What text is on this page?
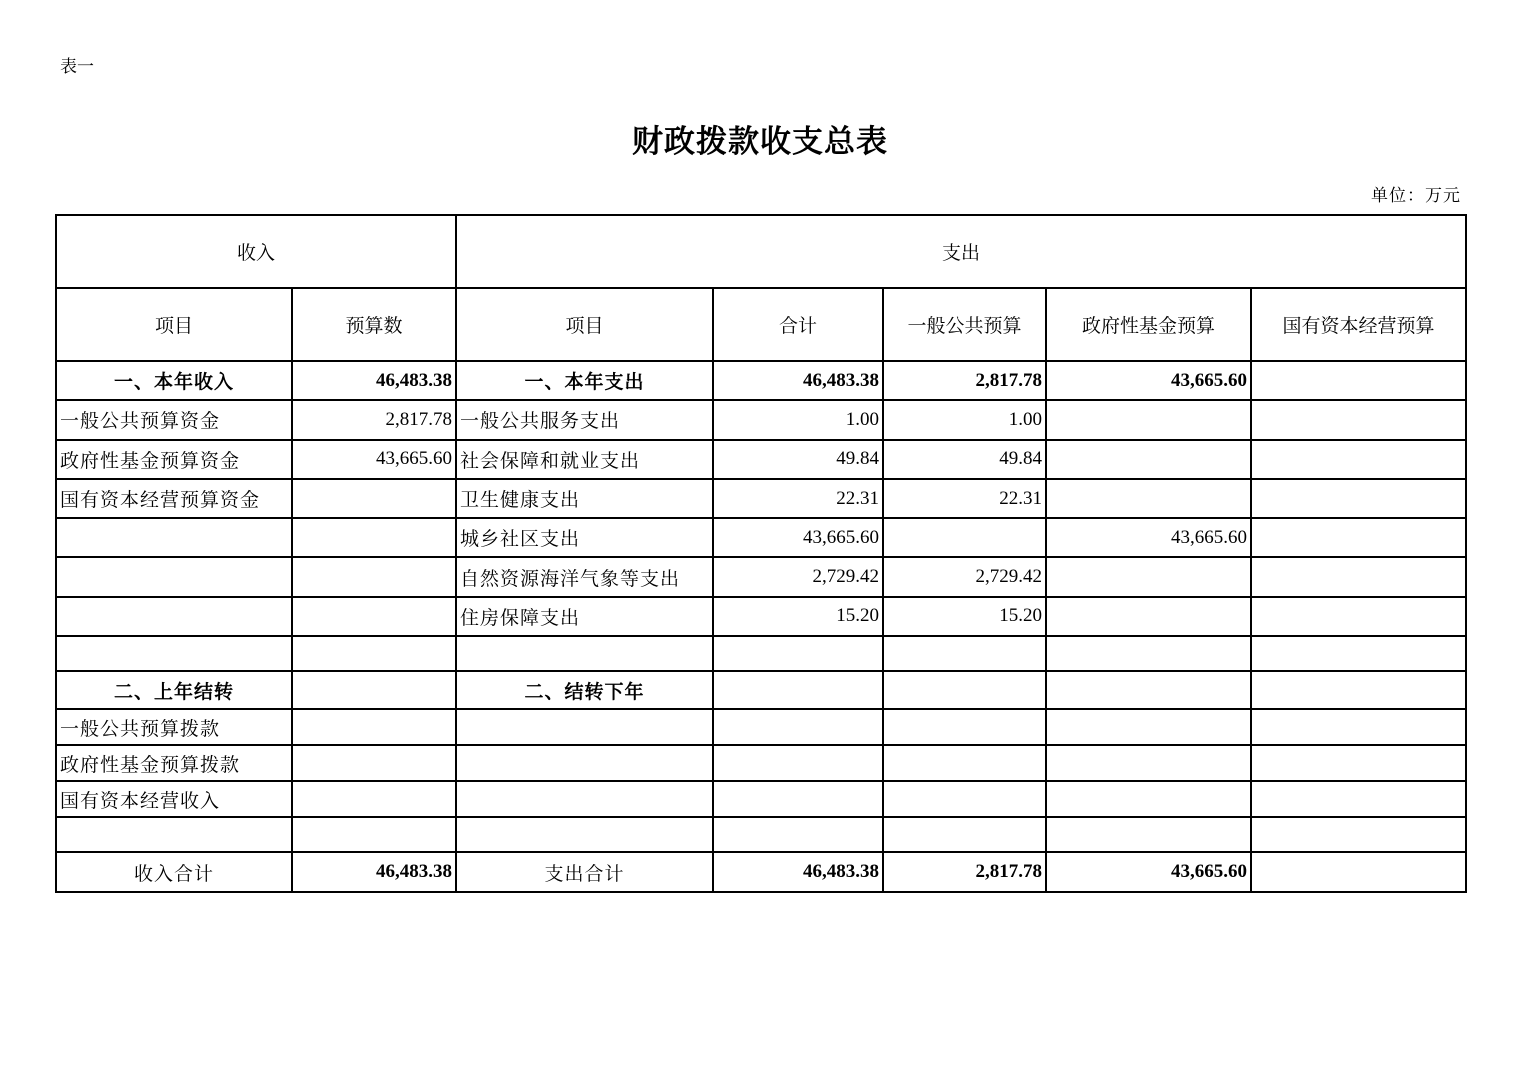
表一
财政拨款收支总表
单位：万元
收入		支出				
项目	预算数	项目	合计	一般公共预算	政府性基金预算	国有资本经营预算
一、本年收入	46,483.38	一、本年支出	46,483.38	2,817.78	43,665.60	
一般公共预算资金	2,817.78	一般公共服务支出	1.00	1.00		
政府性基金预算资金	43,665.60	社会保障和就业支出	49.84	49.84		
国有资本经营预算资金		卫生健康支出	22.31	22.31		
		城乡社区支出	43,665.60		43,665.60	
		自然资源海洋气象等支出	2,729.42	2,729.42		
		住房保障支出	15.20	15.20		

二、上年结转		二、结转下年				
一般公共预算拨款						
政府性基金预算拨款						
国有资本经营收入						

收入合计	46,483.38	支出合计	46,483.38	2,817.78	43,665.60	
